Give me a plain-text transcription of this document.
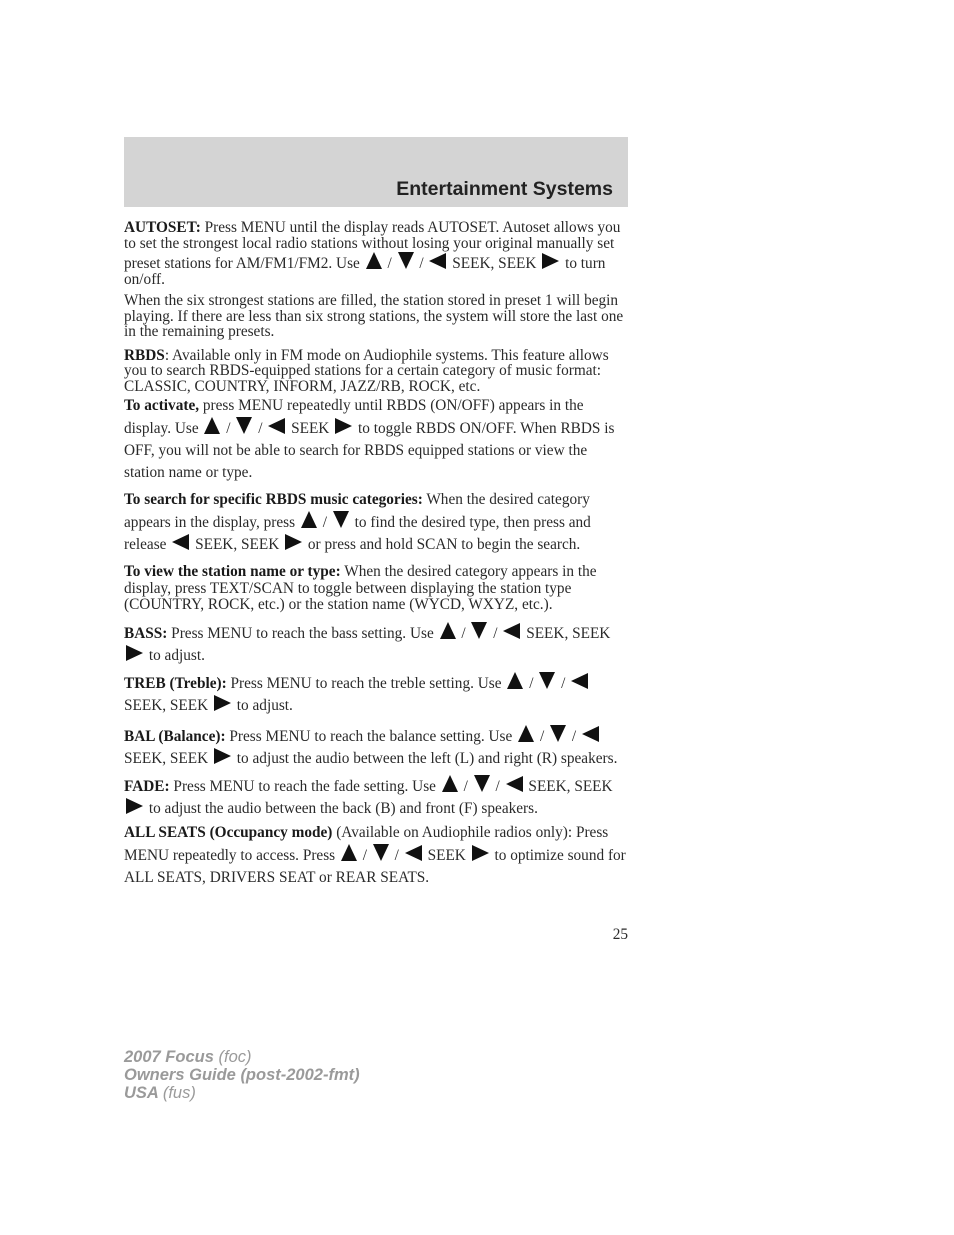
Entertainment Systems

AUTOSET: Press MENU until the display reads AUTOSET. Autoset allows you to set the strongest local radio stations without losing your original manually set preset stations for AM/FM1/FM2. Use  /  /  SEEK, SEEK  to turn on/off.

When the six strongest stations are filled, the station stored in preset 1 will begin playing. If there are less than six strong stations, the system will store the last one in the remaining presets.

RBDS: Available only in FM mode on Audiophile systems. This feature allows you to search RBDS-equipped stations for a certain category of music format: CLASSIC, COUNTRY, INFORM, JAZZ/RB, ROCK, etc.

To activate, press MENU repeatedly until RBDS (ON/OFF) appears in the display. Use  /  /  SEEK  to toggle RBDS ON/OFF. When RBDS is OFF, you will not be able to search for RBDS equipped stations or view the station name or type.

To search for specific RBDS music categories: When the desired category appears in the display, press  /  to find the desired type, then press and release  SEEK, SEEK  or press and hold SCAN to begin the search.

To view the station name or type: When the desired category appears in the display, press TEXT/SCAN to toggle between displaying the station type (COUNTRY, ROCK, etc.) or the station name (WYCD, WXYZ, etc.).

BASS: Press MENU to reach the bass setting. Use  /  /  SEEK, SEEK  to adjust.

TREB (Treble): Press MENU to reach the treble setting. Use  /  /  SEEK, SEEK  to adjust.

BAL (Balance): Press MENU to reach the balance setting. Use  /  /  SEEK, SEEK  to adjust the audio between the left (L) and right (R) speakers.

FADE: Press MENU to reach the fade setting. Use  /  /  SEEK, SEEK  to adjust the audio between the back (B) and front (F) speakers.

ALL SEATS (Occupancy mode) (Available on Audiophile radios only): Press MENU repeatedly to access. Press  /  /  SEEK  to optimize sound for ALL SEATS, DRIVERS SEAT or REAR SEATS.

25
2007 Focus (foc)
Owners Guide (post-2002-fmt)
USA (fus)
